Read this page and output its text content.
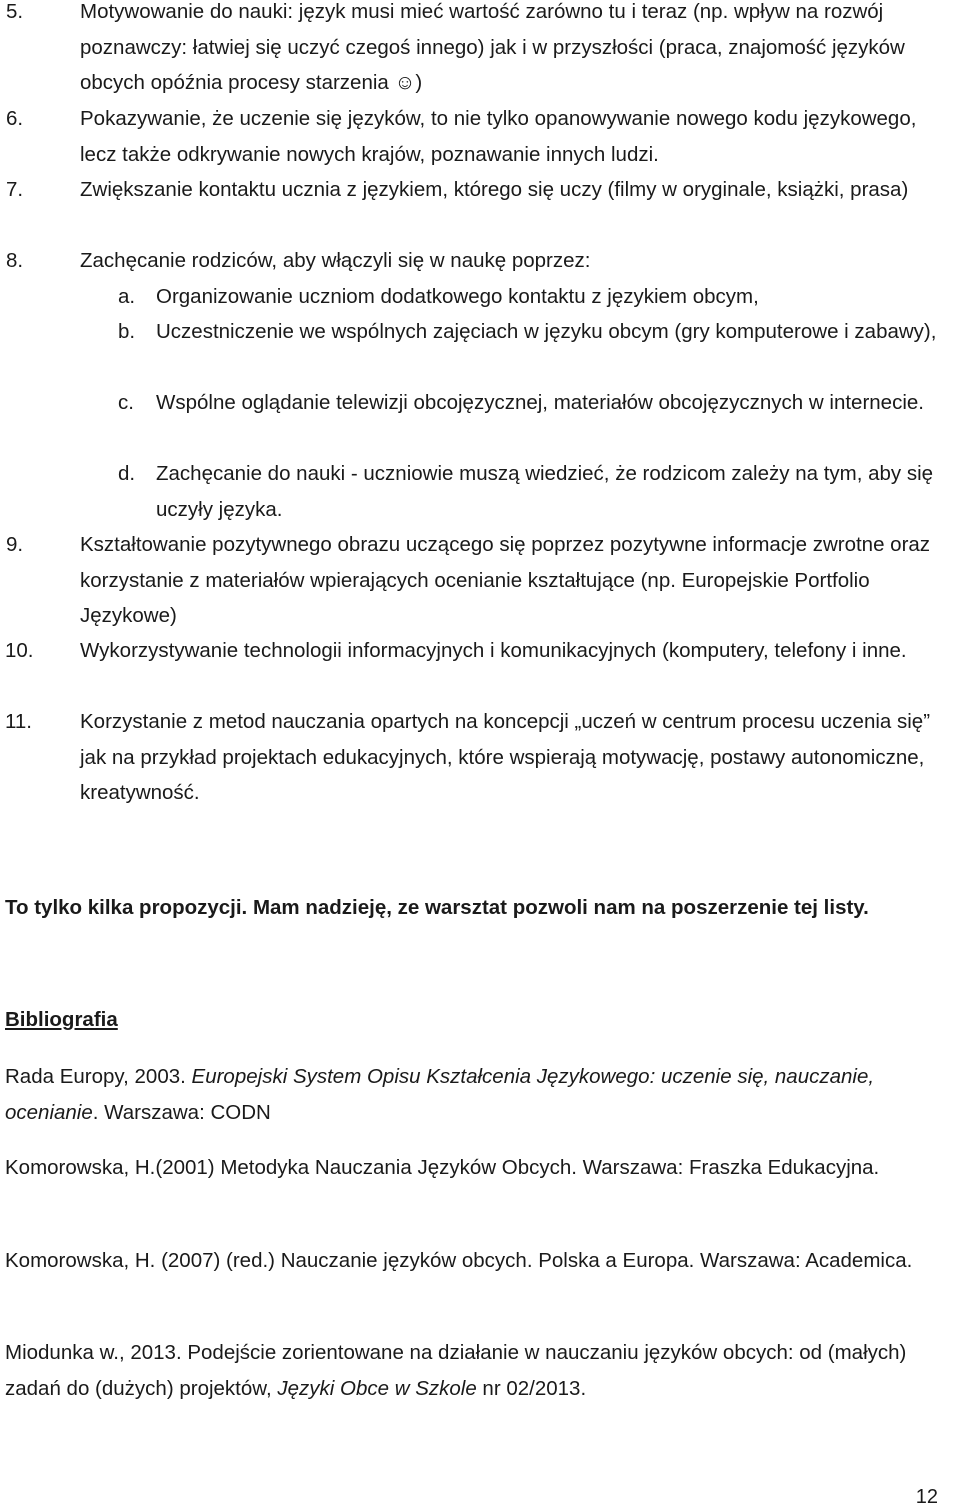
5.	Motywowanie do nauki: język musi mieć wartość zarówno tu i teraz (np. wpływ na rozwój poznawczy: łatwiej się uczyć czegoś innego) jak i w przyszłości (praca, znajomość języków obcych opóźnia procesy starzenia ☺)
6.	Pokazywanie, że uczenie się języków, to nie tylko opanowywanie nowego kodu językowego, lecz także odkrywanie nowych krajów, poznawanie innych ludzi.
7.	Zwiększanie kontaktu ucznia z językiem, którego się uczy (filmy w oryginale, książki, prasa)
8.	Zachęcanie rodziców, aby włączyli się w naukę poprzez:
a.	Organizowanie uczniom dodatkowego kontaktu z językiem obcym,
b.	Uczestniczenie we wspólnych zajęciach w języku obcym (gry komputerowe i zabawy),
c.	Wspólne oglądanie telewizji obcojęzycznej, materiałów obcojęzycznych w internecie.
d.	Zachęcanie do nauki - uczniowie muszą wiedzieć, że rodzicom zależy na tym, aby się uczyły języka.
9.	Kształtowanie pozytywnego obrazu uczącego się poprzez pozytywne informacje zwrotne oraz korzystanie z materiałów wpierających ocenianie kształtujące (np. Europejskie Portfolio Językowe)
10.	Wykorzystywanie technologii informacyjnych i komunikacyjnych (komputery, telefony i inne.
11.	Korzystanie z metod nauczania opartych na koncepcji „uczeń w centrum procesu uczenia się” jak na przykład projektach edukacyjnych, które wspierają motywację, postawy autonomiczne, kreatywność.
To tylko kilka propozycji. Mam nadzieję, ze warsztat pozwoli nam na poszerzenie tej listy.
Bibliografia
Rada Europy, 2003. Europejski System Opisu Kształcenia Językowego: uczenie się, nauczanie, ocenianie. Warszawa: CODN
Komorowska, H.(2001) Metodyka Nauczania Języków Obcych. Warszawa: Fraszka Edukacyjna.
Komorowska, H. (2007) (red.) Nauczanie języków obcych. Polska a Europa. Warszawa: Academica.
Miodunka w., 2013. Podejście zorientowane na działanie w nauczaniu języków obcych: od (małych) zadań do (dużych) projektów, Języki Obce w Szkole nr 02/2013.
12
